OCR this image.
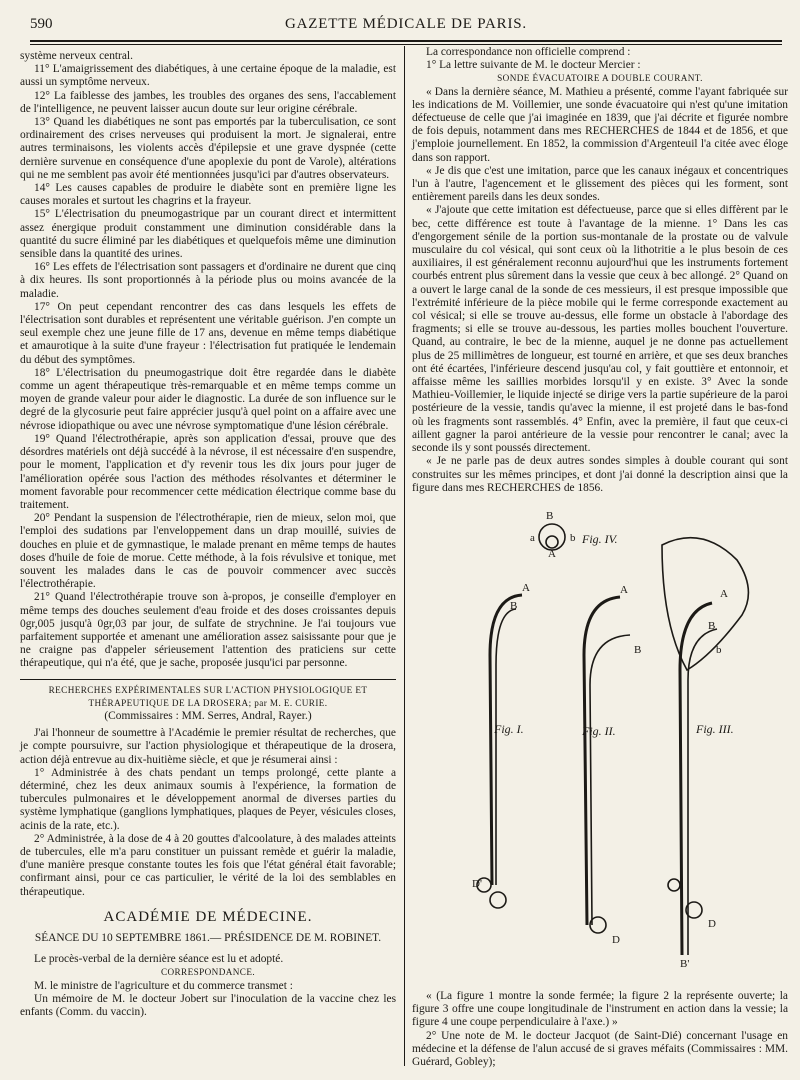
590	GAZETTE MÉDICALE DE PARIS.

système nerveux central.

11° L'amaigrissement des diabétiques, à une certaine époque de la maladie, est aussi un symptôme nerveux.

12° La faiblesse des jambes, les troubles des organes des sens, l'accablement de l'intelligence, ne peuvent laisser aucun doute sur leur origine cérébrale.

13° Quand les diabétiques ne sont pas emportés par la tuberculisation, ce sont ordinairement des crises nerveuses qui produisent la mort. Je signalerai, entre autres terminaisons, les violents accès d'épilepsie et une grave dyspnée (cette dernière survenue en conséquence d'une apoplexie du pont de Varole), altérations qui ne me semblent pas avoir été mentionnées jusqu'ici par d'autres observateurs.

14° Les causes capables de produire le diabète sont en première ligne les causes morales et surtout les chagrins et la frayeur.

15° L'électrisation du pneumogastrique par un courant direct et intermittent assez énergique produit constamment une diminution considérable dans la quantité du sucre éliminé par les diabétiques et quelquefois même une diminution sensible dans la quantité des urines.

16° Les effets de l'électrisation sont passagers et d'ordinaire ne durent que cinq à dix heures. Ils sont proportionnés à la période plus ou moins avancée de la maladie.

17° On peut cependant rencontrer des cas dans lesquels les effets de l'électrisation sont durables et représentent une véritable guérison. J'en compte un seul exemple chez une jeune fille de 17 ans, devenue en même temps diabétique et amaurotique à la suite d'une frayeur : l'électrisation fut pratiquée le lendemain du début des symptômes.

18° L'électrisation du pneumogastrique doit être regardée dans le diabète comme un agent thérapeutique très-remarquable et en même temps comme un moyen de grande valeur pour aider le diagnostic. La durée de son influence sur le degré de la glycosurie peut faire apprécier jusqu'à quel point on a affaire avec une névrose idiopathique ou avec une névrose symptomatique d'une lésion cérébrale.

19° Quand l'électrothérapie, après son application d'essai, prouve que des désordres matériels ont déjà succédé à la névrose, il est nécessaire d'en suspendre, pour le moment, l'application et d'y revenir tous les dix jours pour juger de l'amélioration opérée sous l'action des méthodes résolvantes et déterminer le moment favorable pour recommencer cette médication électrique comme base du traitement.

20° Pendant la suspension de l'électrothérapie, rien de mieux, selon moi, que l'emploi des sudations par l'enveloppement dans un drap mouillé, suivies de douches en pluie et de gymnastique, le malade prenant en même temps de hautes doses d'huile de foie de morue. Cette méthode, à la fois révulsive et tonique, met souvent les malades dans le cas de pouvoir commencer avec succès l'électrothérapie.

21° Quand l'électrothérapie trouve son à-propos, je conseille d'employer en même temps des douches seulement d'eau froide et des doses croissantes depuis 0gr,005 jusqu'à 0gr,03 par jour, de sulfate de strychnine. Je l'ai toujours vue parfaitement supportée et amenant une amélioration assez saisissante pour que je ne craigne pas d'appeler sérieusement l'attention des praticiens sur cette thérapeutique, qui n'a été, que je sache, proposée jusqu'ici par personne.

RECHERCHES EXPÉRIMENTALES SUR L'ACTION PHYSIOLOGIQUE ET THÉRAPEUTIQUE DE LA DROSERA; par M. E. CURIE.

(Commissaires : MM. Serres, Andral, Rayer.)

J'ai l'honneur de soumettre à l'Académie le premier résultat de recherches, que je compte poursuivre, sur l'action physiologique et thérapeutique de la drosera, action déjà entrevue au dix-huitième siècle, et que je résumerai ainsi :

1° Administrée à des chats pendant un temps prolongé, cette plante a déterminé, chez les deux animaux soumis à l'expérience, la formation de tubercules pulmonaires et le développement anormal de diverses parties du système lymphatique (ganglions lymphatiques, plaques de Peyer, vésicules closes, acinis de la rate, etc.).

2° Administrée, à la dose de 4 à 20 gouttes d'alcoolature, à des malades atteints de tubercules, elle m'a paru constituer un puissant remède et guérir la maladie, d'une manière presque constante toutes les fois que l'état général était favorable; confirmant ainsi, pour ce cas particulier, le vérité de la loi des semblables en thérapeutique.

ACADÉMIE DE MÉDECINE.
SÉANCE DU 10 SEPTEMBRE 1861.— PRÉSIDENCE DE M. ROBINET.

Le procès-verbal de la dernière séance est lu et adopté.

CORRESPONDANCE.

M. le ministre de l'agriculture et du commerce transmet :

Un mémoire de M. le docteur Jobert sur l'inoculation de la vaccine chez les enfants (Comm. du vaccin).

La correspondance non officielle comprend :

1° La lettre suivante de M. le docteur Mercier :

SONDE ÉVACUATOIRE A DOUBLE COURANT.

« Dans la dernière séance, M. Mathieu a présenté, comme l'ayant fabriquée sur les indications de M. Voillemier, une sonde évacuatoire qui n'est qu'une imitation défectueuse de celle que j'ai imaginée en 1839, que j'ai décrite et figurée nombre de fois depuis, notamment dans mes RECHERCHES de 1844 et de 1856, et que j'emploie journellement. En 1852, la commission d'Argenteuil l'a citée avec éloge dans son rapport.

« Je dis que c'est une imitation, parce que les canaux inégaux et concentriques l'un à l'autre, l'agencement et le glissement des pièces qui les forment, sont entièrement pareils dans les deux sondes.

« J'ajoute que cette imitation est défectueuse, parce que si elles diffèrent par le bec, cette différence est toute à l'avantage de la mienne. 1° Dans les cas d'engorgement sénile de la portion sus-montanale de la prostate ou de valvule musculaire du col vésical, qui sont ceux où la lithotritie a le plus besoin de ces auxiliaires, il est généralement reconnu aujourd'hui que les instruments fortement courbés entrent plus sûrement dans la vessie que ceux à bec allongé. 2° Quand on a ouvert le large canal de la sonde de ces messieurs, il est presque impossible que l'extrémité inférieure de la pièce mobile qui le ferme corresponde exactement au col vésical; si elle se trouve au-dessus, elle forme un obstacle à l'abordage des fragments; si elle se trouve au-dessous, les parties molles bouchent l'ouverture. Quand, au contraire, le bec de la mienne, auquel je ne donne pas actuellement plus de 25 millimètres de longueur, est tourné en arrière, et que ses deux branches ont été écartées, l'inférieure descend jusqu'au col, y fait gouttière et entonnoir, et affaisse même les saillies morbides lorsqu'il y en existe. 3° Avec la sonde Mathieu-Voillemier, le liquide injecté se dirige vers la partie supérieure de la paroi postérieure de la vessie, tandis qu'avec la mienne, il est projeté dans le bas-fond où les fragments sont rassemblés. 4° Enfin, avec la première, il faut que ceux-ci aillent gagner la paroi antérieure de la vessie pour rencontrer le canal; avec la seconde ils y sont poussés directement.

« Je ne parle pas de deux autres sondes simples à double courant qui sont construites sur les mêmes principes, et dont j'ai donné la description ainsi que la figure dans mes RECHERCHES de 1856.

B
a	b
A
Fig. IV.
A
B
Fig. I.
D'
A
B
Fig. II.
D
A
B
b
Fig. III.
D
B'

« (La figure 1 montre la sonde fermée; la figure 2 la représente ouverte; la figure 3 offre une coupe longitudinale de l'instrument en action dans la vessie; la figure 4 une coupe perpendiculaire à l'axe.) »

2° Une note de M. le docteur Jacquot (de Saint-Dié) concernant l'usage en médecine et la défense de l'alun accusé de si graves méfaits (Commissaires : MM. Guérard, Gobley);
